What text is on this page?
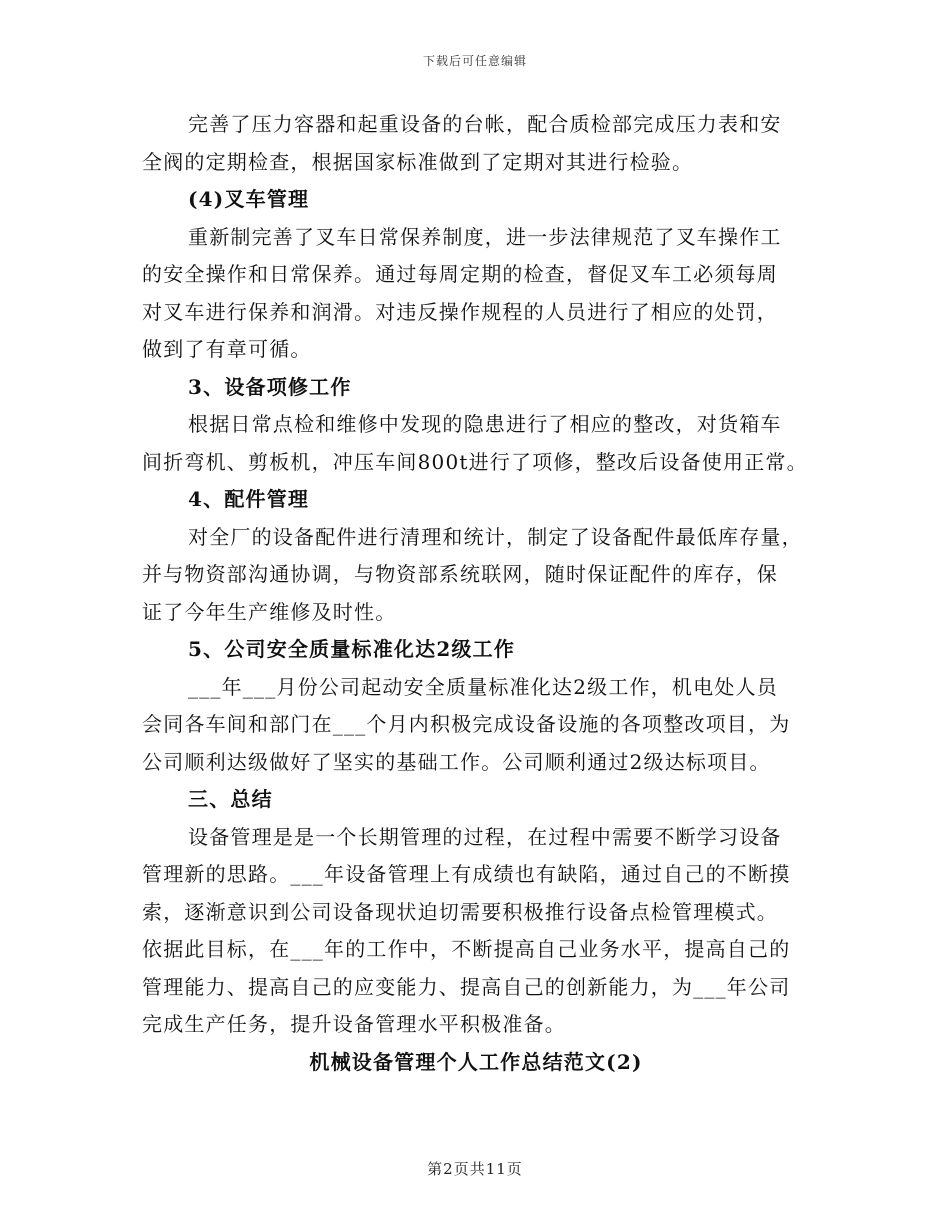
下载后可任意编辑
完善了压力容器和起重设备的台帐，配合质检部完成压力表和安
全阀的定期检查，根据国家标准做到了定期对其进行检验。
(4)叉车管理
重新制完善了叉车日常保养制度，进一步法律规范了叉车操作工
的安全操作和日常保养。通过每周定期的检查，督促叉车工必须每周
对叉车进行保养和润滑。对违反操作规程的人员进行了相应的处罚，
做到了有章可循。
3、设备项修工作
根据日常点检和维修中发现的隐患进行了相应的整改，对货箱车
间折弯机、剪板机，冲压车间800t进行了项修，整改后设备使用正常。
4、配件管理
对全厂的设备配件进行清理和统计，制定了设备配件最低库存量，
并与物资部沟通协调，与物资部系统联网，随时保证配件的库存，保
证了今年生产维修及时性。
5、公司安全质量标准化达2级工作
___年___月份公司起动安全质量标准化达2级工作，机电处人员
会同各车间和部门在___个月内积极完成设备设施的各项整改项目，为
公司顺利达级做好了坚实的基础工作。公司顺利通过2级达标项目。
三、总结
设备管理是是一个长期管理的过程，在过程中需要不断学习设备
管理新的思路。___年设备管理上有成绩也有缺陷，通过自己的不断摸
索，逐渐意识到公司设备现状迫切需要积极推行设备点检管理模式。
依据此目标，在___年的工作中，不断提高自己业务水平，提高自己的
管理能力、提高自己的应变能力、提高自己的创新能力，为___年公司
完成生产任务，提升设备管理水平积极准备。
机械设备管理个人工作总结范文(2)
第2页共11页
